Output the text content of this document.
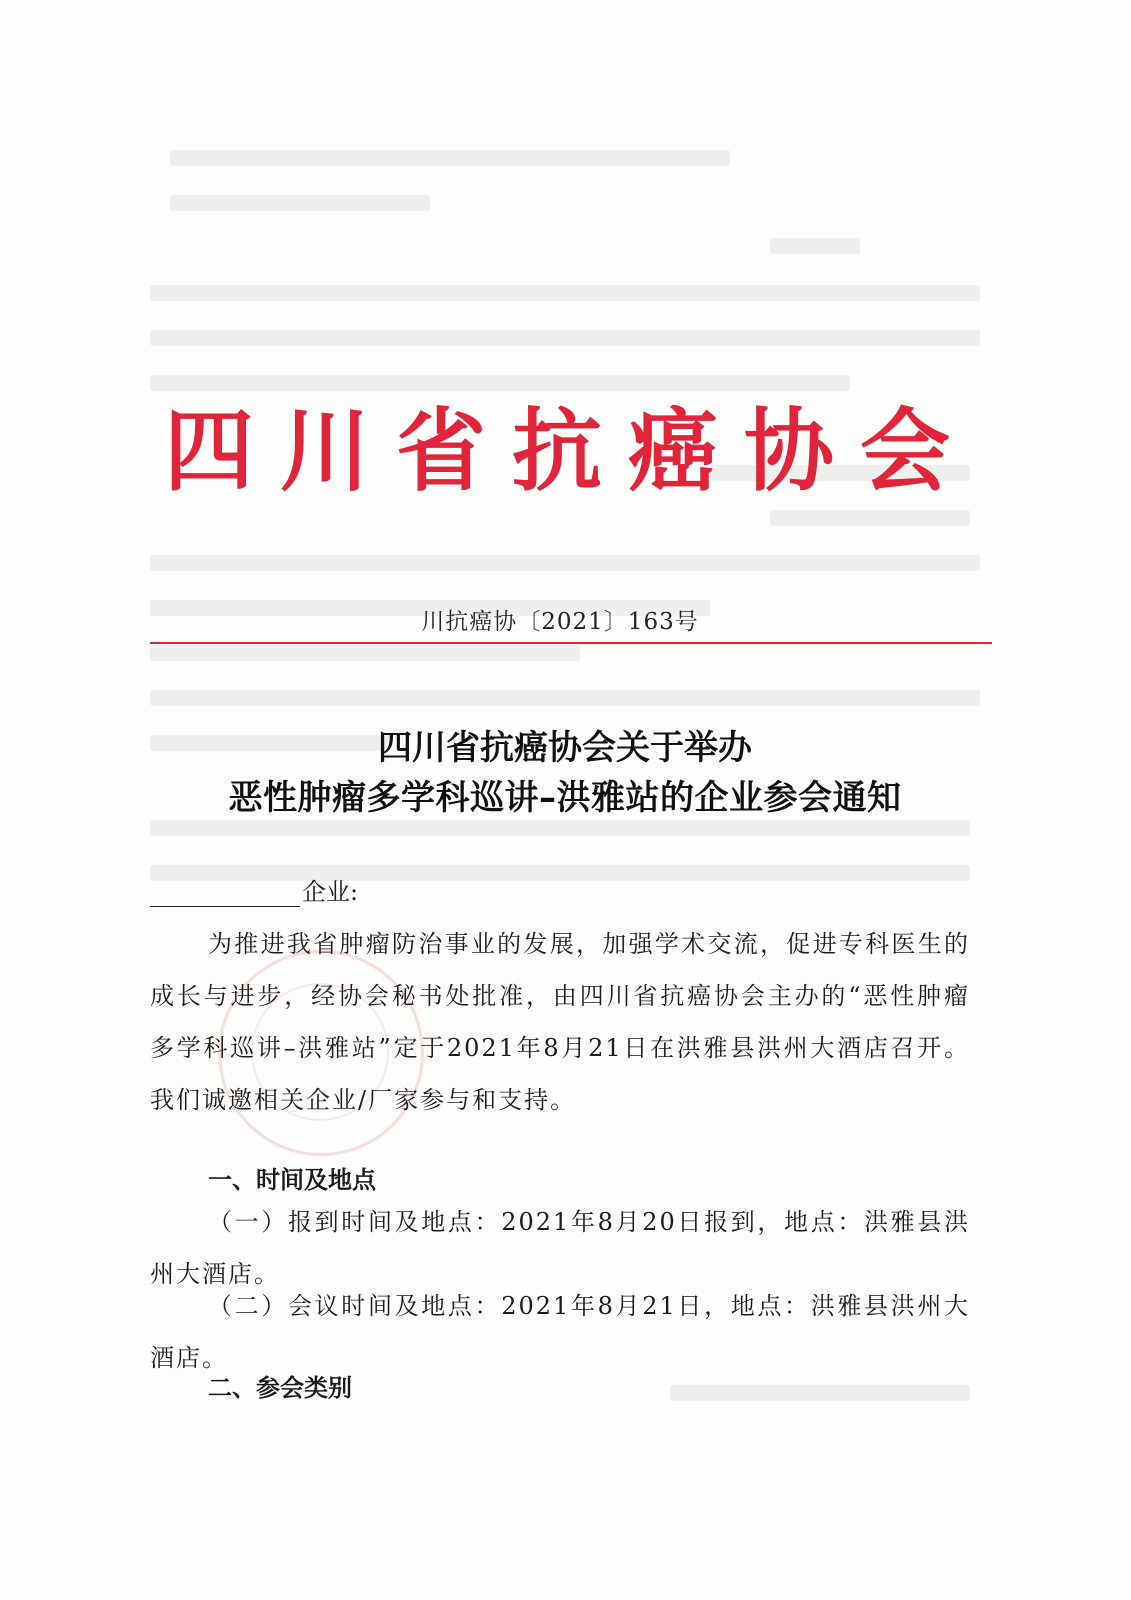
四川省抗癌协会
川抗癌协〔2021〕163号
四川省抗癌协会关于举办
恶性肿瘤多学科巡讲–洪雅站的企业参会通知
企业:
为推进我省肿瘤防治事业的发展，加强学术交流，促进专科医生的成长与进步，经协会秘书处批准，由四川省抗癌协会主办的“恶性肿瘤多学科巡讲–洪雅站”定于2021年8月21日在洪雅县洪州大酒店召开。我们诚邀相关企业/厂家参与和支持。
一、时间及地点
（一）报到时间及地点：2021年8月20日报到，地点：洪雅县洪州大酒店。
（二）会议时间及地点：2021年8月21日，地点：洪雅县洪州大酒店。
二、参会类别
